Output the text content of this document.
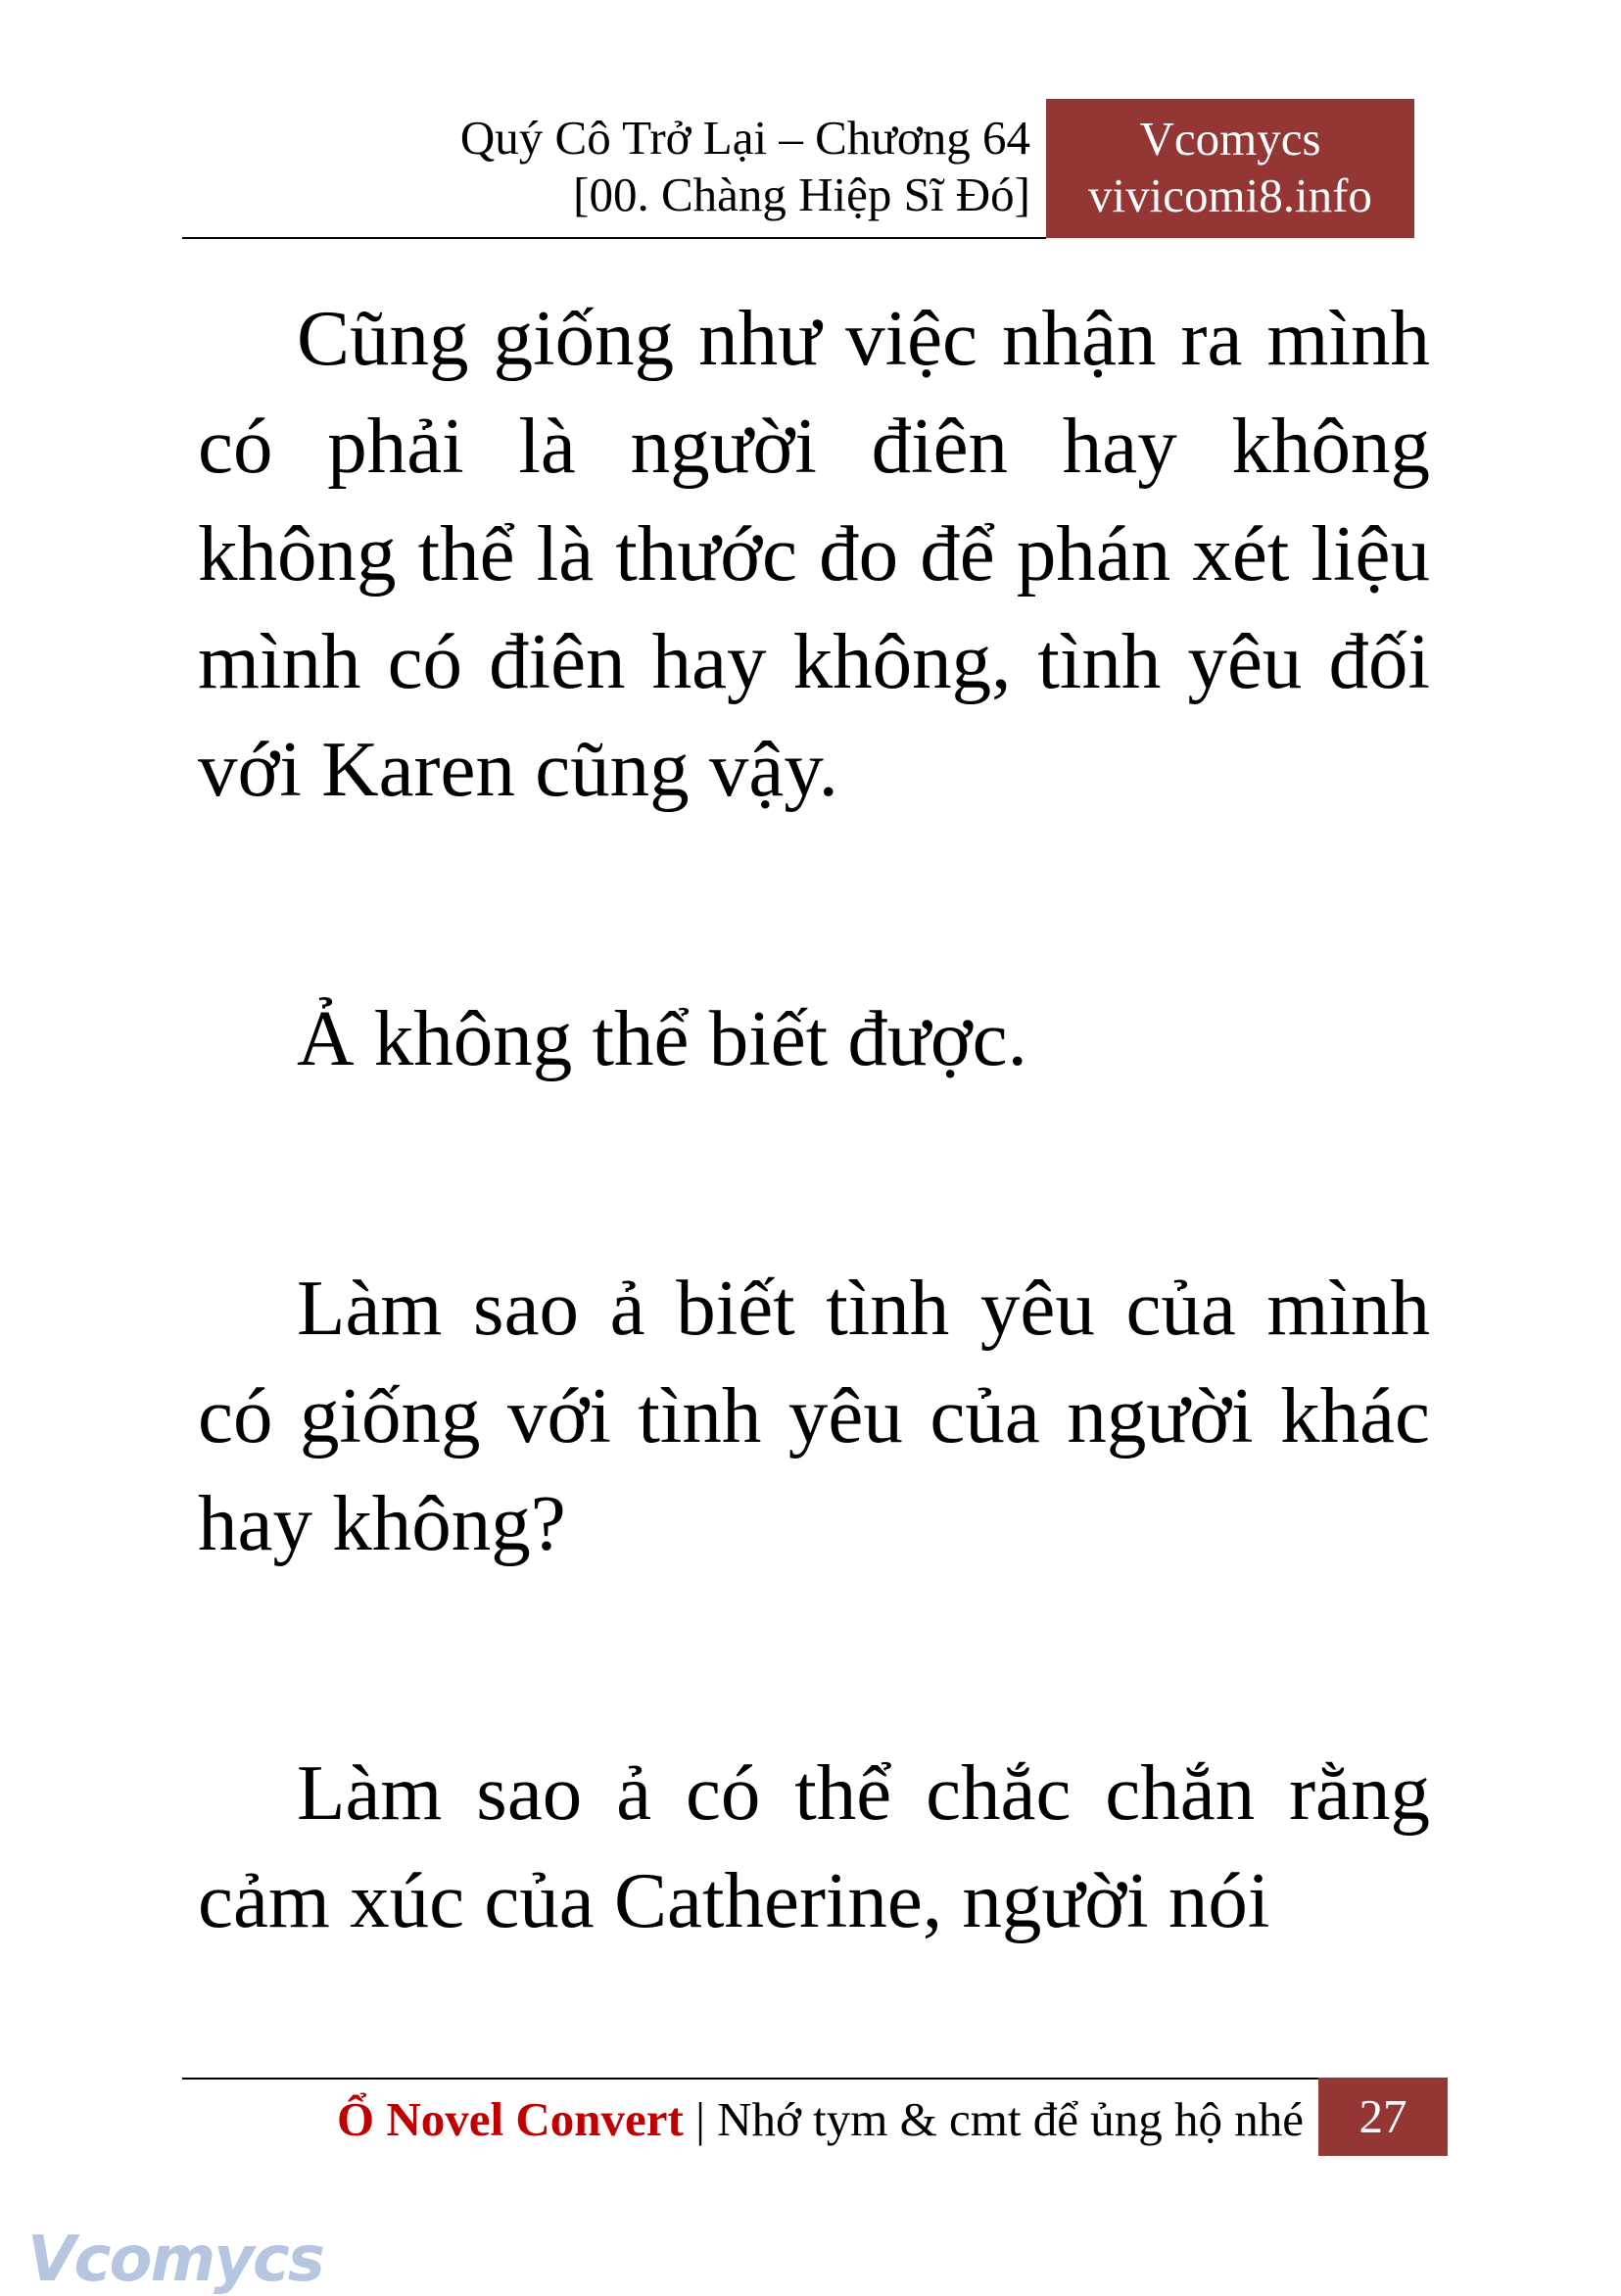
Quý Cô Trở Lại – Chương 64
[00. Chàng Hiệp Sĩ Đó]
Vcomycs
vivicomi8.info

Cũng giống như việc nhận ra mình có phải là người điên hay không không thể là thước đo để phán xét liệu mình có điên hay không, tình yêu đối với Karen cũng vậy.

Ả không thể biết được.

Làm sao ả biết tình yêu của mình có giống với tình yêu của người khác hay không?

Làm sao ả có thể chắc chắn rằng cảm xúc của Catherine, người nói

Ổ Novel Convert | Nhớ tym & cmt để ủng hộ nhé	27
Vcomycs
